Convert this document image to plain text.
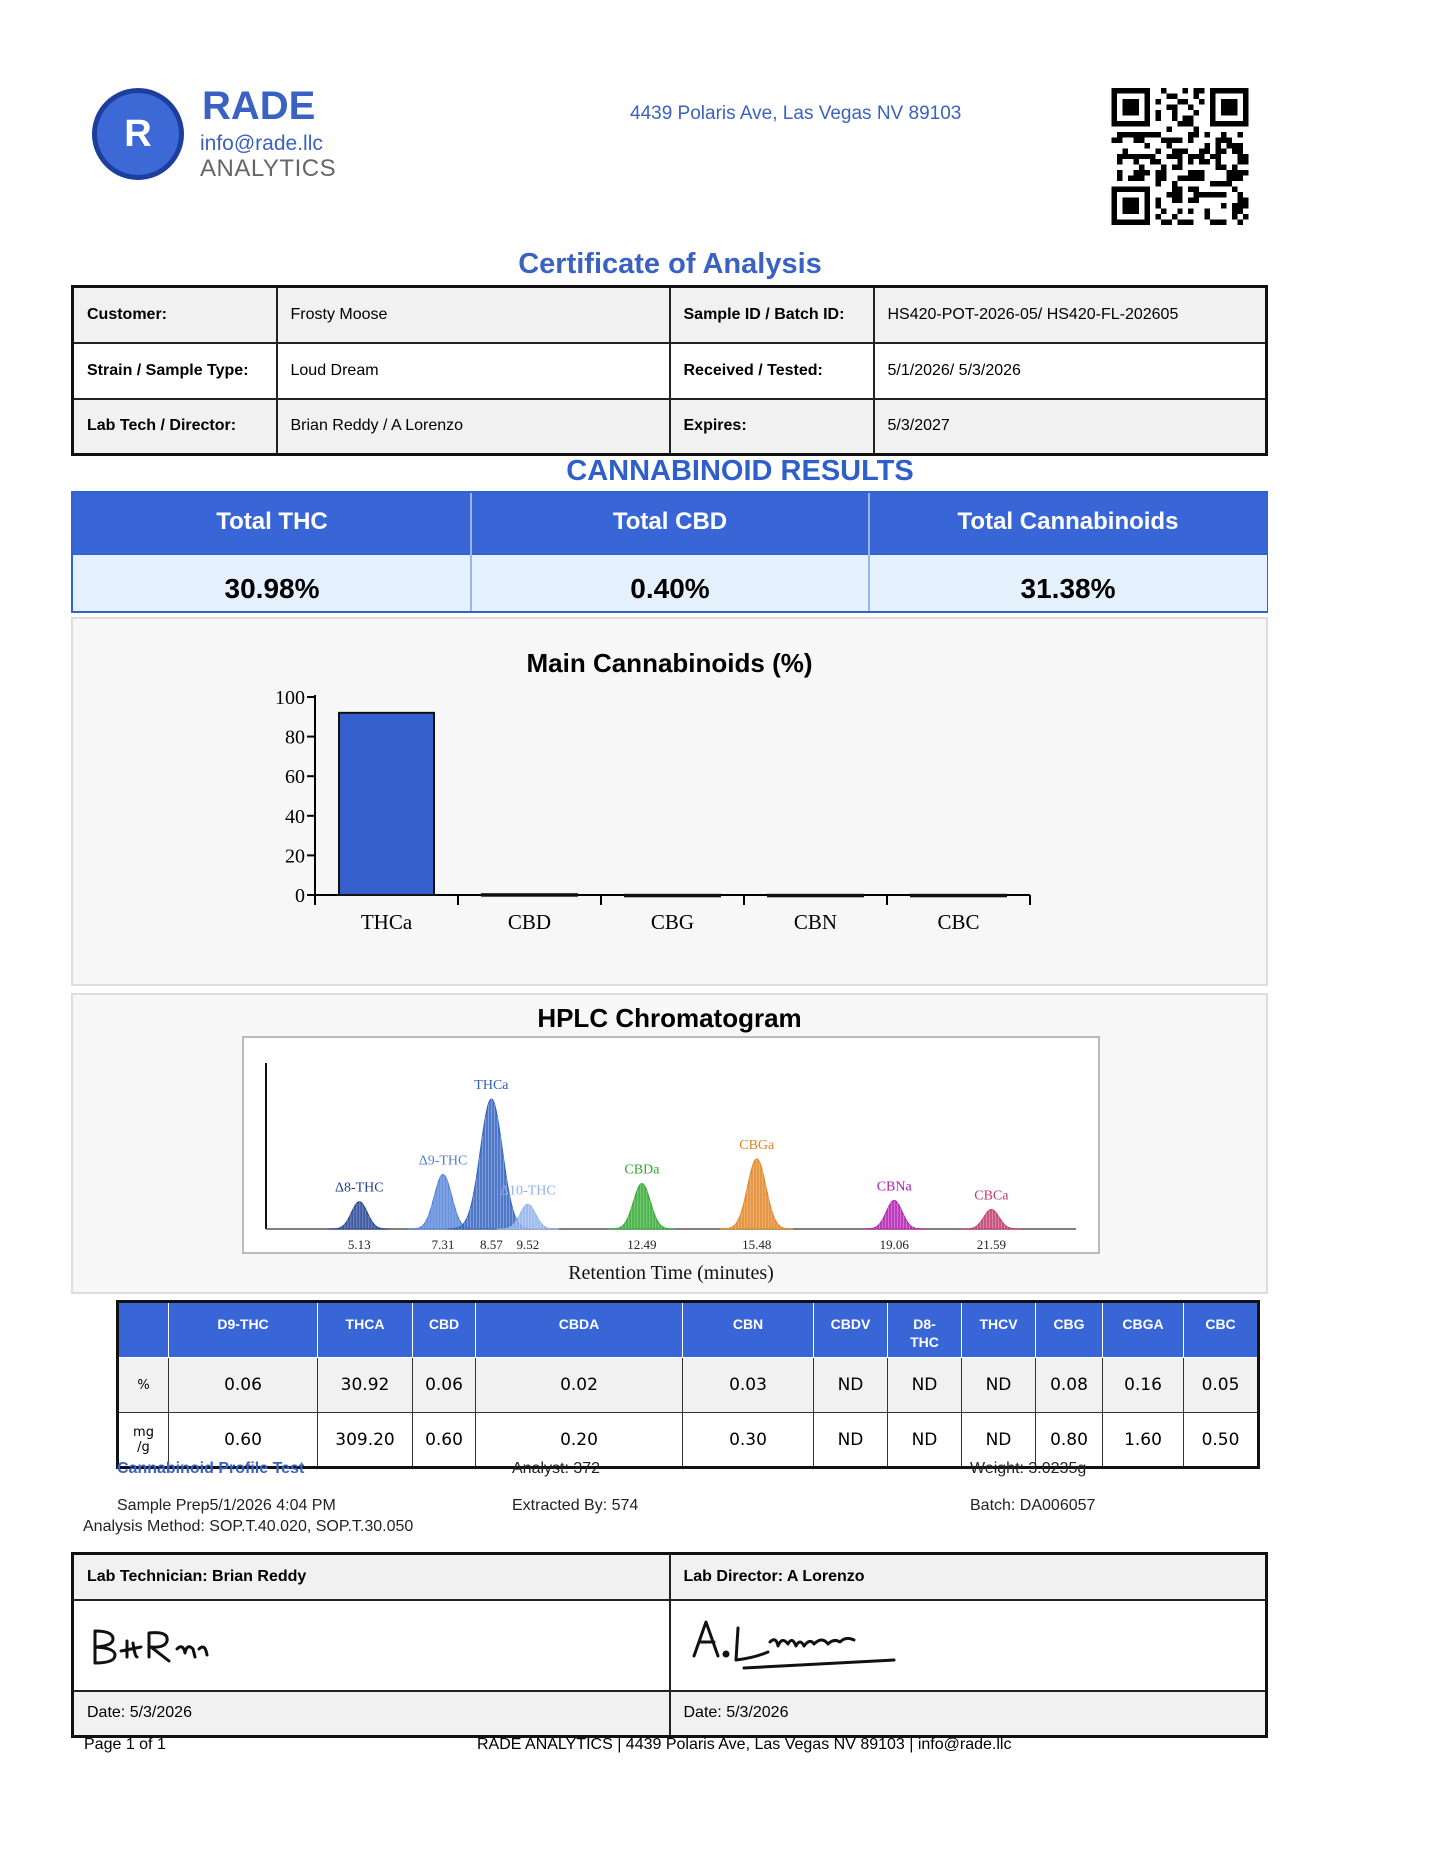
R
RADE
info@rade.llc
ANALYTICS
4439 Polaris Ave, Las Vegas NV 89103
Certificate of Analysis
Customer:	Frosty Moose	Sample ID / Batch ID:	HS420-POT-2026-05/ HS420-FL-202605
Strain / Sample Type:	Loud Dream	Received / Tested:	5/1/2026/ 5/3/2026
Lab Tech / Director:	Brian Reddy / A Lorenzo	Expires:	5/3/2027
CANNABINOID RESULTS
Total THC
30.98%
Total CBD
0.40%
Total Cannabinoids
31.38%
Main Cannabinoids (%)
0
20
40
60
80
100
THCa	CBD	CBG	CBN	CBC
HPLC Chromatogram
Δ8-THC
5.13
Δ9-THC
7.31
THCa
8.57
Δ10-THC
9.52
CBDa
12.49
CBGa
15.48
CBNa
19.06
CBCa
21.59
Retention Time (minutes)
	D9-THC	THCA	CBD	CBDA	CBN	CBDV	D8-
THC	THCV	CBG	CBGA	CBC
%	0.06	30.92	0.06	0.02	0.03	ND	ND	ND	0.08	0.16	0.05
mg
/g	0.60	309.20	0.60	0.20	0.30	ND	ND	ND	0.80	1.60	0.50
Cannabinoid Profile Test	Analyst: 372	Weight: 3.0235g
Sample Prep5/1/2026 4:04 PM	Extracted By: 574	Batch: DA006057
Analysis Method: SOP.T.40.020, SOP.T.30.050
Lab Technician: Brian Reddy	Lab Director: A Lorenzo

Date: 5/3/2026	Date: 5/3/2026
Page 1 of 1	RADE ANALYTICS | 4439 Polaris Ave, Las Vegas NV 89103 | info@rade.llc
